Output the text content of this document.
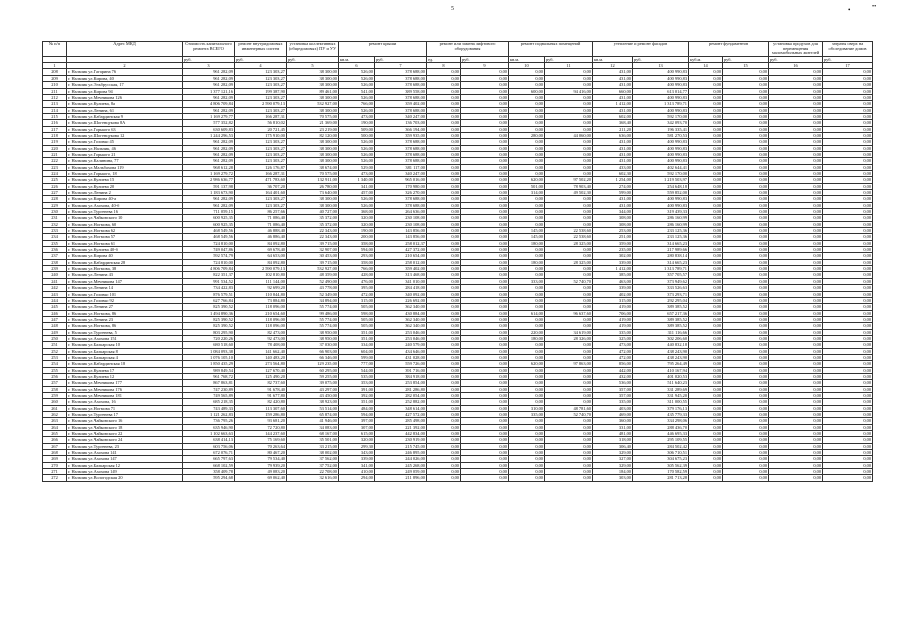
5	•	••
№ п/п	Адрес МКД	Стоимость капитального ремонта ВСЕГО	ремонт внутридомовых инженерных систем	установка коллективных (общедомовых) ПУ и УУ	ремонт крыши		ремонт или замена лифтового оборудования		ремонт подвальных помещений		утепление и ремонт фасадов		ремонт фундаментов		установка продухов для перемещения маломобильных жителей	затраты сверх на обследование домов
		руб.	руб.	руб.	кв.м.	руб.	ед.	руб.	кв.м.	руб.	кв.м.	руб.	куб.м.	руб.	руб.	руб.
1	2	3	4	5	6	7	8	9	10	11	12	13	14	15	16	17
208	г. Нальчик ул.Гагарина 76	961 282,09	123 303,27	38 300,00	526,00	378 688,00	0,00	0,00	0,00	0,00	431,00	400 990,83	0,00	0,00	0,00	0,00
209	г. Нальчик ул.Кирова, 40	961 282,09	123 303,27	38 300,00	526,00	378 688,00	0,00	0,00	0,00	0,00	431,00	400 990,83	0,00	0,00	0,00	0,00
210	г. Нальчик ул.Эльбрусская, 17	961 282,09	123 303,27	38 300,00	526,00	378 688,00	0,00	0,00	0,00	0,00	431,00	400 990,83	0,00	0,00	0,00	0,00
211	г. Нальчик ул.Кирова 94	1 377 121,16	199 387,90	89 461,00	541,00	389 558,00	0,00	0,00	600,00	94 416,00	660,00	613 014,77	0,00	0,00	0,00	0,00
212	г. Нальчик ул.Мечникова 126	961 282,09	123 303,27	38 300,00	526,00	378 688,00	0,00	0,00	0,00	0,00	431,00	400 990,83	0,00	0,00	0,00	0,00
213	г. Нальчик ул.Кулиева, 8а	4 806 709,84	2 590 079,13	532 927,00	766,00	359 402,00	0,00	0,00	0,00	0,00	1 412,00	1 313 789,71	0,00	0,00	0,00	0,00
214	г. Нальчик ул.Ленина, 61	961 282,09	123 303,27	38 300,00	526,00	378 688,00	0,00	0,00	0,00	0,00	431,00	400 990,83	0,00	0,00	0,00	0,00
215	г. Нальчик ул.Кабардинская 9	1 169 279,77	166 287,31	70 575,00	473,00	340 247,00	0,00	0,00	0,00	0,00	602,00	592 170,00	0,00	0,00	0,00	0,00
216	г. Нальчик ул.Шогенцукова 8А	577 352,82	56 810,02	21 369,00	190,00	136 703,00	0,00	0,00	0,00	0,00	368,40	342 093,70	0,00	0,00	0,00	0,00
217	г. Нальчик ул.Горького 63	630 609,83	20 721,45	23 219,00	509,00	366 194,00	0,00	0,00	0,00	0,00	211,20	196 335,41	0,00	0,00	0,00	0,00
218	г. Нальчик ул.Шогенцукова 12	1 244 296,53	175 910,00	82 120,00	500,00	359 935,00	0,00	0,00	280,00	44 060,00	636,00	581 270,53	0,00	0,00	0,00	0,00
219	г. Нальчик ул.Головко 45	961 282,09	123 303,27	38 300,00	526,00	378 688,00	0,00	0,00	0,00	0,00	431,00	400 990,83	0,00	0,00	0,00	0,00
220	г. Нальчик ул.Нальчик, 46	961 282,09	123 303,27	38 300,00	526,00	378 688,00	0,00	0,00	0,00	0,00	431,00	400 990,83	0,00	0,00	0,00	0,00
221	г. Нальчик ул.Горького 21	961 282,09	123 303,27	38 300,00	526,00	378 688,00	0,00	0,00	0,00	0,00	431,00	400 990,83	0,00	0,00	0,00	0,00
222	г. Нальчик ул.Калинина, 77	961 282,09	123 303,27	38 300,00	526,00	378 688,00	0,00	0,00	0,00	0,00	431,00	400 990,83	0,00	0,00	0,00	0,00
223	г. Нальчик ул.Мальбахова 119	968 612,28	126 176,87	38 674,00	529,00	381 117,00	0,00	0,00	0,00	0,00	433,00	402 644,41	0,00	0,00	0,00	0,00
224	г. Нальчик ул.Горького, 18	1 169 279,72	166 287,31	70 575,00	473,00	340 247,00	0,00	0,00	0,00	0,00	602,30	592 170,00	0,00	0,00	0,00	0,00
225	г. Нальчик ул.Кулиева 15	2 986 636,77	471 783,60	132 911,00	1 340,00	965 016,00	0,00	0,00	620,00	97 502,20	1 254,00	1 219 503,97	0,00	0,00	0,00	0,00
226	г. Нальчик ул.Кулиева 20	591 137,98	36 707,20	26 780,00	341,00	170 980,00	0,00	0,00	501,00	78 903,40	274,00	254 648,18	0,00	0,00	0,00	0,00
227	г. Нальчик ул.Ленина 2	1 183 673,90	164 401,60	73 640,00	457,00	326 270,00	0,00	0,00	314,00	49 502,30	599,00	559 852,00	0,00	0,00	0,00	0,00
228	г. Нальчик ул.Кирова 40-а	961 282,09	123 303,27	38 300,00	526,00	378 688,00	0,00	0,00	0,00	0,00	431,00	400 990,83	0,00	0,00	0,00	0,00
229	г. Нальчик ул.Ахохова, 40-б	961 282,09	123 303,27	38 300,00	526,00	378 688,00	0,00	0,00	0,00	0,00	431,00	400 990,83	0,00	0,00	0,00	0,00
230	г. Нальчик ул.Тургенева 16	711 059,15	86 257,66	40 727,00	368,00	264 636,00	0,00	0,00	0,00	0,00	344,00	319 439,33	0,00	0,00	0,00	0,00
231	г. Нальчик ул.Чайковского 10	600 925,35	71 086,40	35 372,00	320,00	230 108,00	0,00	0,00	0,00	0,00	308,00	286 160,99	0,00	0,00	0,00	0,00
232	г. Нальчик ул.Ногмова, 60	600 925,35	71 086,40	35 372,00	320,00	230 108,00	0,00	0,00	0,00	0,00	308,00	286 160,99	0,00	0,00	0,00	0,00
233	г. Нальчик ул.Ногмова 62	468 549,56	46 888,40	22 343,00	190,00	143 856,00	0,00	0,00	145,00	22 538,60	253,00	233 125,36	0,00	0,00	0,00	0,00
234	г. Нальчик ул.Ногмова 57	468 549,56	46 886,40	22 343,00	200,00	143 856,00	0,00	0,00	145,00	22 538,60	251,00	233 125,36	0,00	0,00	0,00	0,00
235	г. Нальчик ул.Ногмова 61	724 810,00	84 092,80	39 715,00	358,00	258 012,37	0,00	0,00	180,00	28 325,00	359,00	314 665,23	0,00	0,00	0,00	0,00
236	г. Нальчик ул.Кулиева 40-б	749 047,86	69 678,40	32 907,00	594,00	427 372,00	0,00	0,00	0,00	0,00	235,00	217 989,66	0,00	0,00	0,00	0,00
237	г. Нальчик ул.Кирова 40	592 574,79	64 653,00	30 453,00	293,00	210 654,00	0,00	0,00	0,00	0,00	302,00	280 838,14	0,00	0,00	0,00	0,00
238	г. Нальчик ул.Кабардинская 28	724 810,00	84 092,80	39 715,00	358,00	258 012,00	0,00	0,00	180,00	28 325,00	339,00	314 665,23	0,00	0,00	0,00	0,00
239	г. Нальчик ул.Ногмова, 38	4 806 709,84	2 590 079,13	532 927,00	766,00	359 402,00	0,00	0,00	0,00	0,00	1 412,00	1 313 789,71	0,00	0,00	0,00	0,00
240	г. Нальчик ул.Ленина 43	822 351,37	102 810,80	48 359,00	428,00	313 468,00	0,00	0,00	0,00	0,00	385,00	357 705,57	0,00	0,00	0,00	0,00
241	г. Нальчик ул.Мечникова 147	991 534,52	111 144,00	52 490,00	476,00	341 010,00	0,00	0,00	333,00	52 740,70	463,00	373 949,62	0,00	0,00	0,00	0,00
242	г. Нальчик ул.Ленина 14	734 422,83	92 699,20	43 778,00	395,00	284 418,00	0,00	0,00	0,00	0,00	339,00	333 526,63	0,00	0,00	0,00	0,00
243	г. Нальчик ул.Головко 101	876 579,51	110 844,80	52 349,00	472,00	340 092,00	0,00	0,00	0,00	0,00	402,00	373 293,71	0,00	0,00	0,00	0,00
244	г. Нальчик ул.Головко 92	627 766,84	73 884,80	34 894,00	315,00	226 692,00	0,00	0,00	0,00	0,00	315,00	292 295,04	0,00	0,00	0,00	0,00
245	г. Нальчик ул.Ленина 27	825 390,52	118 096,00	55 774,00	505,00	362 340,00	0,00	0,00	0,00	0,00	419,00	389 385,52	0,00	0,00	0,00	0,00
246	г. Нальчик ул.Ногмова, 86	1 494 890,36	210 654,60	99 486,00	598,00	430 884,00	0,00	0,00	614,00	96 637,60	706,00	657 217,36	0,00	0,00	0,00	0,00
247	г. Нальчик ул.Ленина 23	825 390,52	118 096,00	55 774,00	505,00	362 340,00	0,00	0,00	0,00	0,00	419,00	389 385,52	0,00	0,00	0,00	0,00
248	г. Нальчик ул.Ногмова, 86	825 390,52	118 096,00	55 774,00	505,00	362 340,00	0,00	0,00	0,00	0,00	419,00	389 385,52	0,00	0,00	0,00	0,00
249	г. Нальчик ул.Тургенева, 5	803 295,90	82 473,00	38 950,00	351,00	253 046,00	0,00	0,00	220,00	34 619,00	335,00	311 116,66	0,00	0,00	0,00	0,00
250	г. Нальчик ул.Ахохова 151	720 220,26	92 473,00	38 950,00	351,00	253 046,00	0,00	0,00	180,00	28 326,00	325,00	302 206,60	0,00	0,00	0,00	0,00
251	г. Нальчик ул.Балкарская 10	680 518,60	78 408,00	37 030,00	334,00	240 579,00	0,00	0,00	0,00	0,00	473,00	440 832,18	0,00	0,00	0,00	0,00
252	г. Нальчик ул.Балкарская 8	1 084 093,38	141 662,40	66 903,00	604,00	434 646,00	0,00	0,00	0,00	0,00	472,00	438 243,90	0,00	0,00	0,00	0,00
253	г. Нальчик ул.Балкарская 4	1 076 105,10	140 483,20	66 346,00	599,00	431 028,00	0,00	0,00	0,00	0,00	472,00	438 243,90	0,00	0,00	0,00	0,00
254	г. Нальчик ул.Кабардинская 18	1 850 435,29	273 564,80	129 235,00	777,00	559 726,00	0,00	0,00	620,00	97 863,00	856,00	795 264,49	0,00	0,00	0,00	0,00
255	г. Нальчик ул.Кулиева 17	989 849,54	127 670,40	60 295,00	544,00	391 716,00	0,00	0,00	0,00	0,00	442,00	410 167,94	0,00	0,00	0,00	0,00
256	г. Нальчик ул.Кулиева 12	961 768,72	125 490,20	59 255,00	535,00	384 918,00	0,00	0,00	0,00	0,00	432,00	401 020,53	0,00	0,00	0,00	0,00
257	г. Нальчик ул.Мечникова 177	867 863,81	82 737,60	39 075,00	353,00	253 854,00	0,00	0,00	0,00	0,00	536,00	511 640,23	0,00	0,00	0,00	0,00
258	г. Нальчик ул.Мечникова 176	747 230,89	91 678,40	43 297,00	391,00	281 286,80	0,00	0,00	0,00	0,00	357,00	331 289,69	0,00	0,00	0,00	0,00
259	г. Нальчик ул.Мечникова 181	749 565,89	91 677,80	43 450,00	392,00	282 054,00	0,00	0,00	0,00	0,00	357,00	331 945,20	0,00	0,00	0,00	0,00
260	г. Нальчик ул.Ахохова, 16	685 218,35	82 420,80	38 923,00	351,00	252 882,00	0,00	0,00	0,00	0,00	335,00	311 000,55	0,00	0,00	0,00	0,00
261	г. Нальчик ул.Ногмова 71	743 489,33	113 307,60	53 514,00	484,00	348 614,00	0,00	0,00	310,00	48 781,60	403,00	379 176,13	0,00	0,00	0,00	0,00
262	г. Нальчик ул.Тургенева 17	1 121 262,83	159 286,80	65 874,00	594,00	427 572,00	0,00	0,00	335,00	52 740,70	469,00	435 779,33	0,00	0,00	0,00	0,00
263	г. Нальчик ул.Чайковского 16	736 795,26	93 681,20	41 946,00	397,00	285 498,00	0,00	0,00	0,00	0,00	360,00	334 298,06	0,00	0,00	0,00	0,00
264	г. Нальчик ул.Чайковского 18	635 946,90	72 720,80	34 083,00	307,00	221 392,00	0,00	0,00	0,00	0,00	331,00	288 436,70	0,00	0,00	0,00	0,00
265	г. Нальчик ул.Чайковского 22	1 102 663,63	144 237,60	68 167,00	615,00	442 834,00	0,00	0,00	0,00	0,00	481,00	446 695,33	0,00	0,00	0,00	0,00
266	г. Нальчик ул.Чайковского 24	638 414,13	75 169,60	35 501,00	320,00	230 919,00	0,00	0,00	0,00	0,00	318,00	295 109,55	0,00	0,00	0,00	0,00
267	г. Нальчик ул.Тургенева, 23	603 756,06	70 263,64	33 215,00	299,30	215 745,00	0,00	0,00	0,00	0,00	306,40	284 502,42	0,00	0,00	0,00	0,00
268	г. Нальчик ул.Ахохова 141	672 076,71	80 467,20	38 002,00	343,00	246 895,00	0,00	0,00	0,00	0,00	329,00	306 710,51	0,00	0,00	0,00	0,00
269	г. Нальчик ул.Ахохова 147	665 797,63	79 534,40	37 562,00	339,00	244 026,00	0,00	0,00	0,00	0,00	327,00	304 675,23	0,00	0,00	0,00	0,00
270	г. Нальчик ул.Балкарская 12	668 102,59	79 939,20	37 752,00	341,00	245 268,00	0,00	0,00	0,00	0,00	329,00	305 562,39	0,00	0,00	0,00	0,00
271	г. Нальчик ул.Ахохова 149	358 409,78	49 083,20	22 708,00	410,00	249 059,00	0,00	0,00	0,00	0,00	184,00	170 582,59	0,00	0,00	0,00	0,00
272	г. Нальчик ул.Вологодская 20	595 294,68	69 062,40	32 616,00	294,00	211 896,00	0,00	0,00	0,00	0,00	303,00	281 713,28	0,00	0,00	0,00	0,00
